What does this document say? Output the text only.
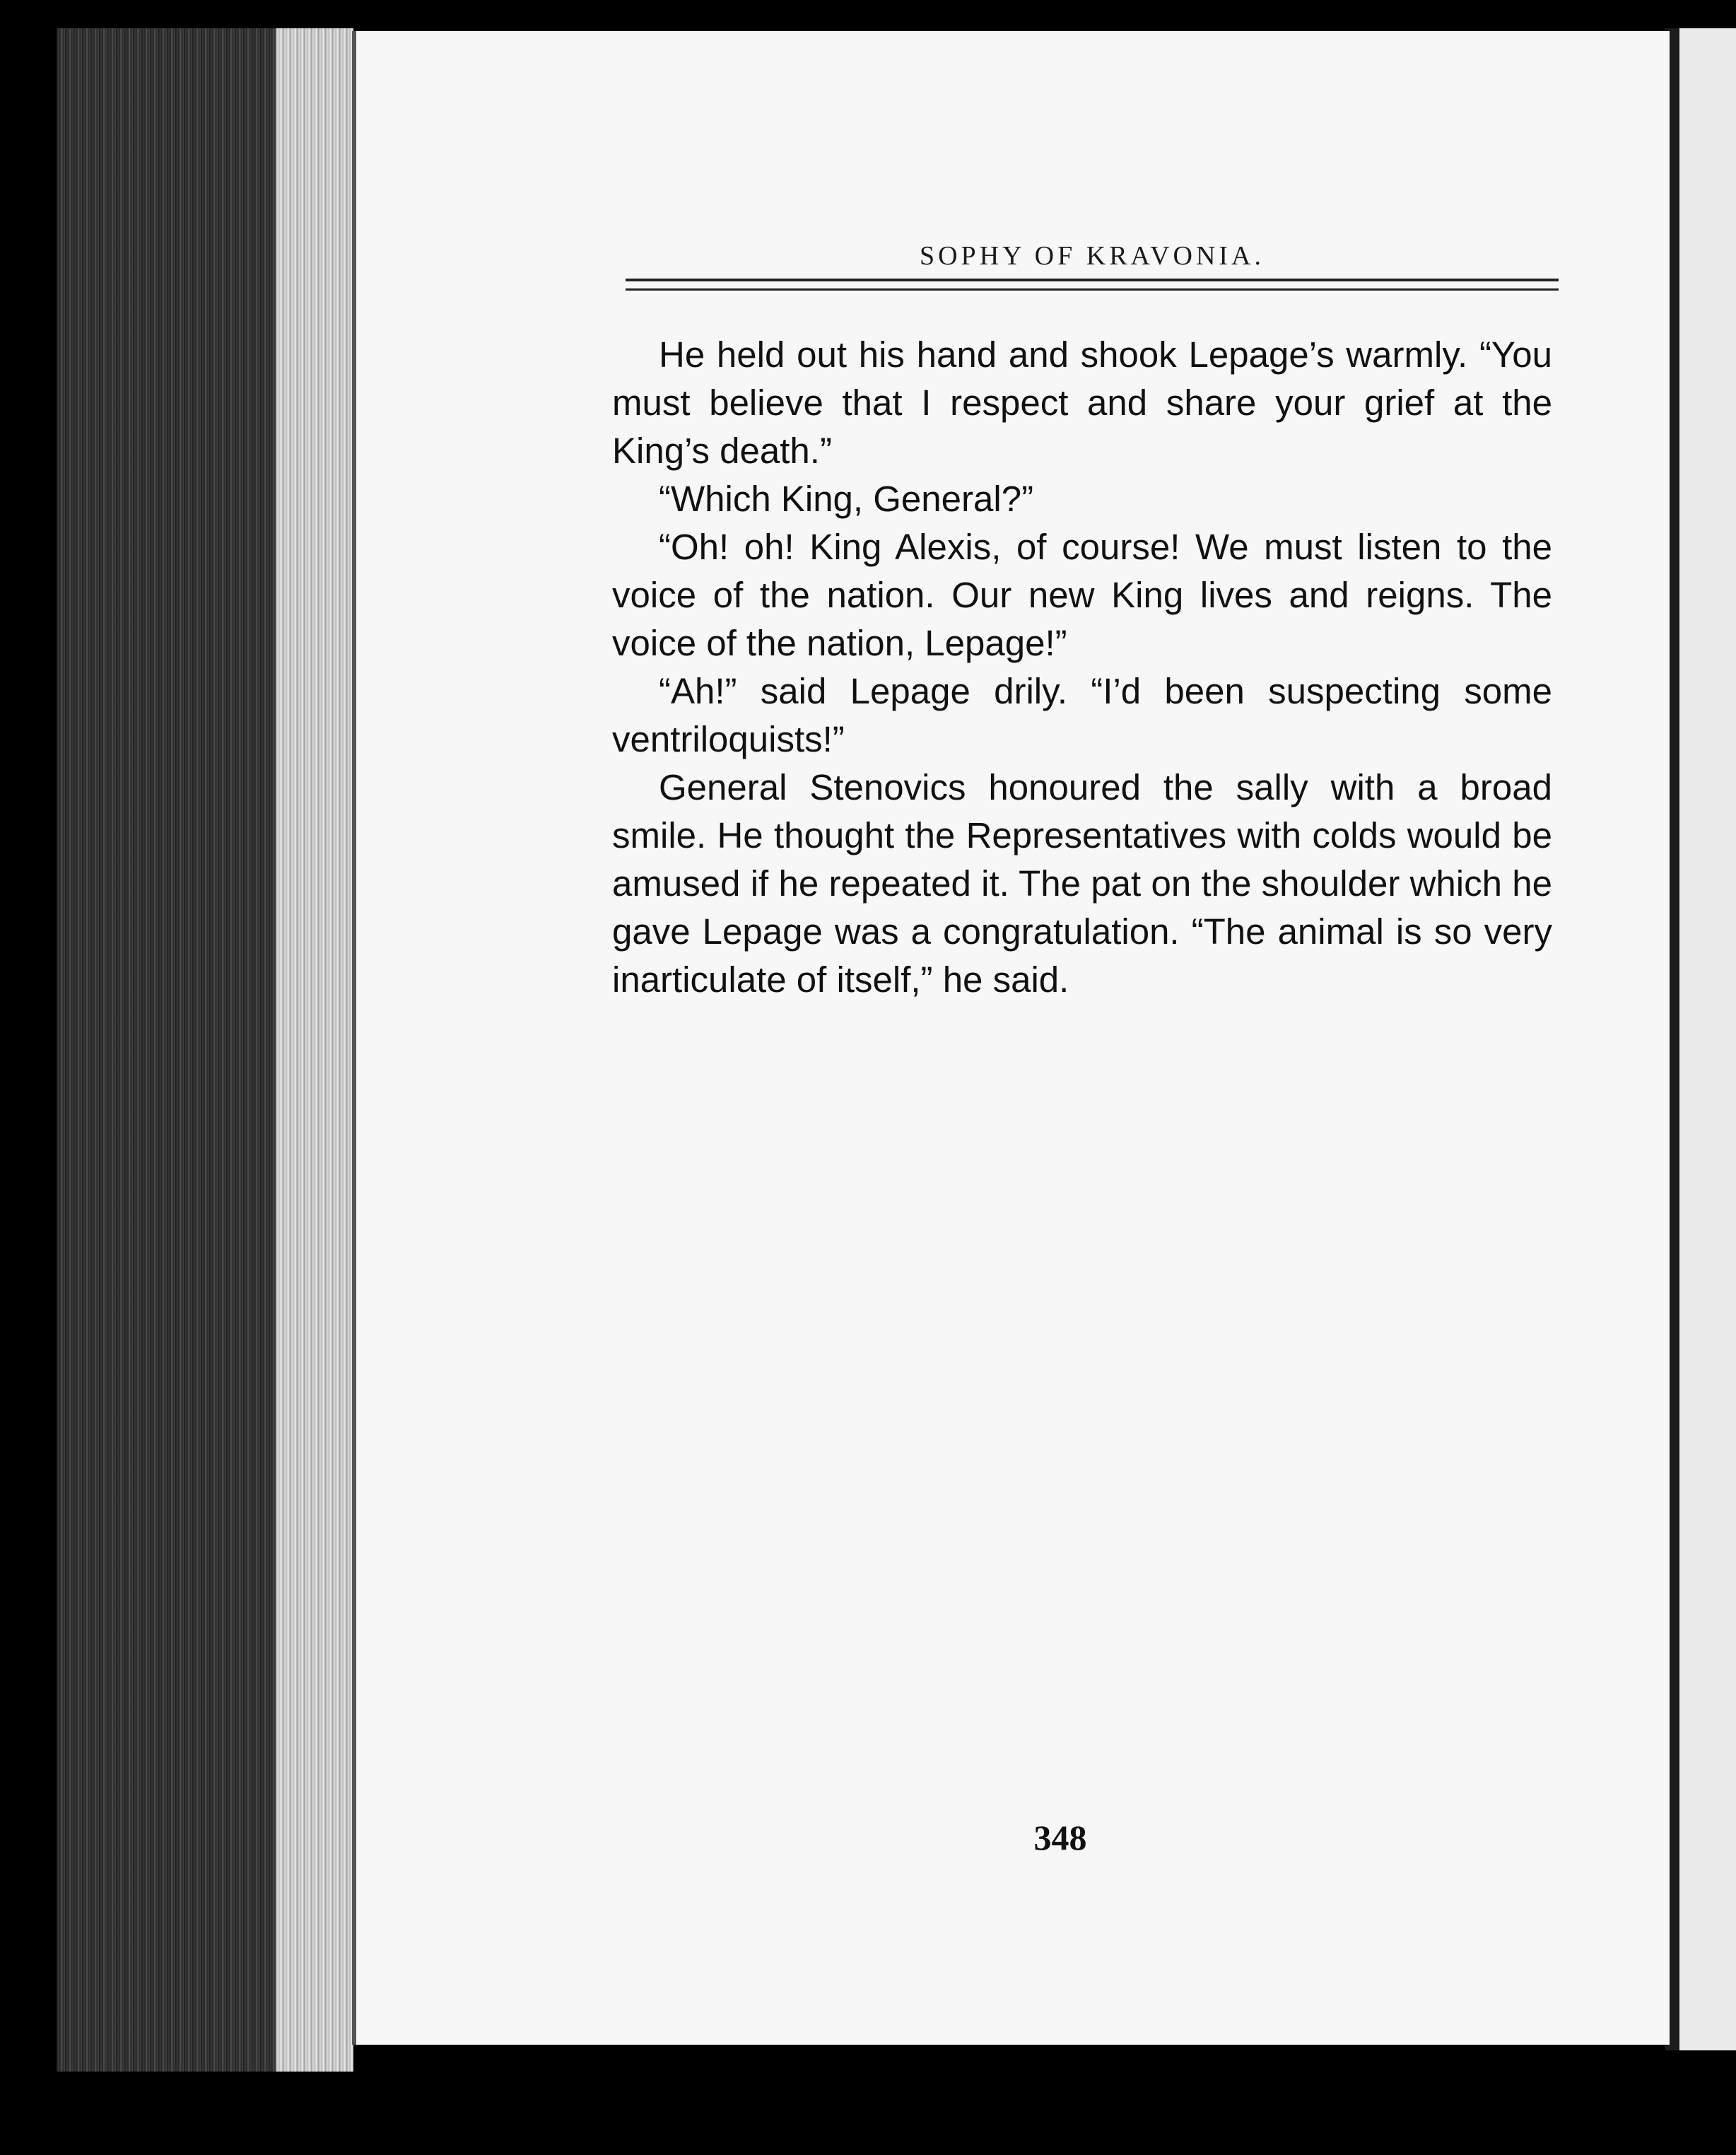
SOPHY OF KRAVONIA.

He held out his hand and shook Lepage’s warmly. “You must believe that I respect and share your grief at the King’s death.”

“Which King, General?”

“Oh! oh! King Alexis, of course! We must listen to the voice of the nation. Our new King lives and reigns. The voice of the nation, Lepage!”

“Ah!” said Lepage drily. “I’d been suspecting some ventriloquists!”

General Stenovics honoured the sally with a broad smile. He thought the Representatives with colds would be amused if he repeated it. The pat on the shoulder which he gave Lepage was a congratulation. “The animal is so very inarticulate of itself,” he said.

348
